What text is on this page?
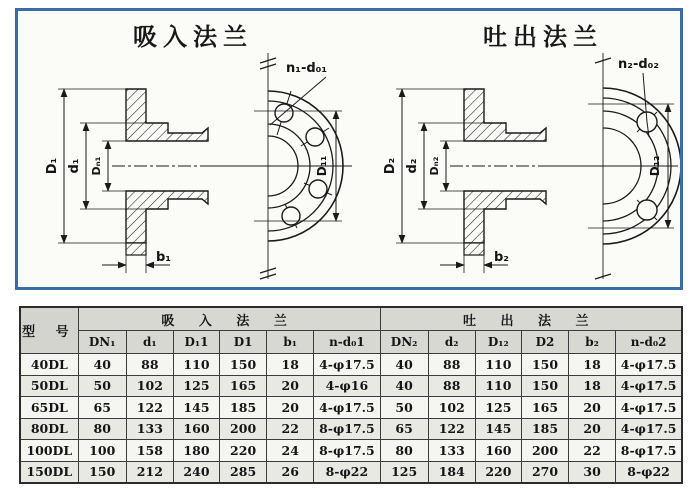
吸入法兰	吐出法兰
D₁ d₁ Dₙ₁
b₁
D₁₁
n₁-d₀₁
D₂ d₂ Dₙ₂
b₂
D₁₂
n₂-d₀₂
型 号	吸 入 法 兰						吐 出 法 兰					
	DN₁	d₁	D₁1	D1	b₁	n-d₀1	DN₂	d₂	D₁₂	D2	b₂	n-d₀2
40DL	40	88	110	150	18	4-φ17.5	40	88	110	150	18	4-φ17.5
50DL	50	102	125	165	20	4-φ16	40	88	110	150	18	4-φ17.5
65DL	65	122	145	185	20	4-φ17.5	50	102	125	165	20	4-φ17.5
80DL	80	133	160	200	22	8-φ17.5	65	122	145	185	20	4-φ17.5
100DL	100	158	180	220	24	8-φ17.5	80	133	160	200	22	8-φ17.5
150DL	150	212	240	285	26	8-φ22	125	184	220	270	30	8-φ22
